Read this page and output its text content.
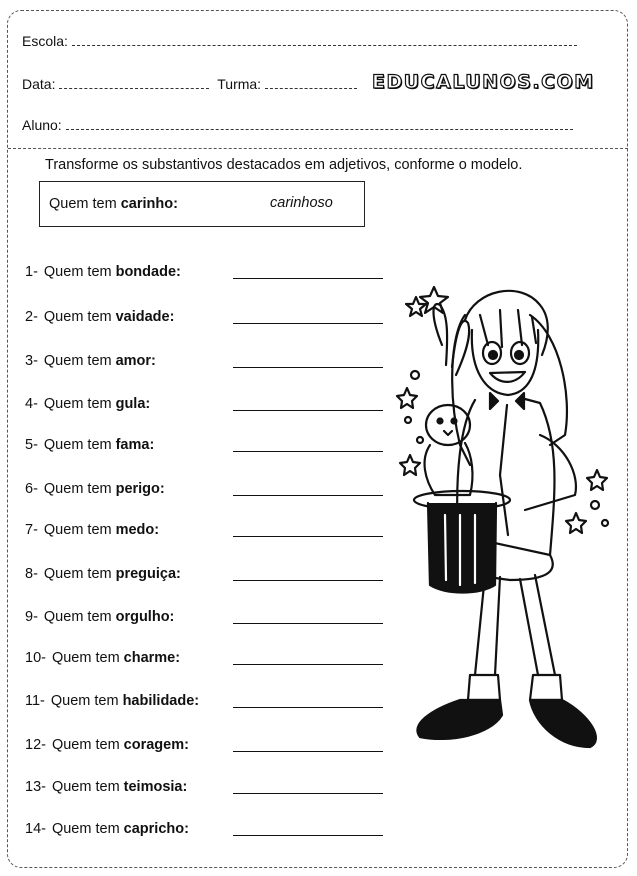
Escola:
Data:	Turma:	EDUCALUNOS.COM
Aluno:
Transforme os substantivos destacados em adjetivos, conforme o modelo.
Quem tem carinho:	carinhoso
1- Quem tem bondade:
2- Quem tem vaidade:
3- Quem tem amor:
4- Quem tem gula:
5- Quem tem fama:
6- Quem tem perigo:
7- Quem tem medo:
8- Quem tem preguiça:
9- Quem tem orgulho:
10- Quem tem charme:
11- Quem tem habilidade:
12- Quem tem coragem:
13- Quem tem teimosia:
14- Quem tem capricho:
